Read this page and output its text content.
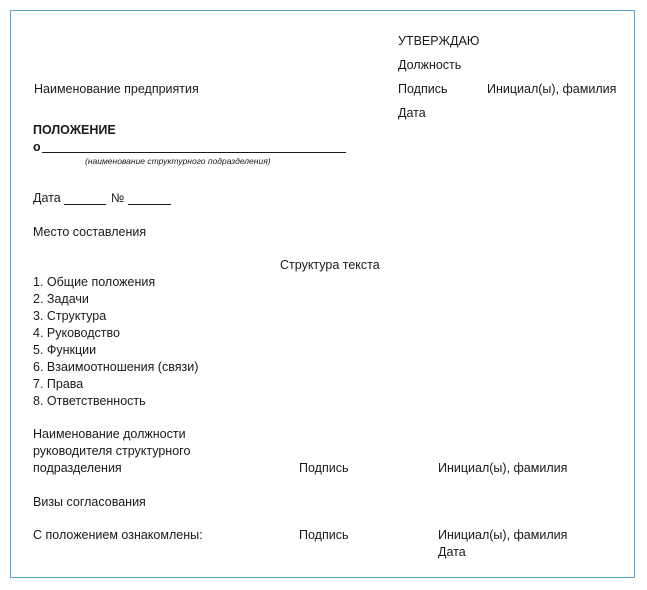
УТВЕРЖДАЮ
Должность
Подпись	Инициал(ы), фамилия
Дата
Наименование предприятия
ПОЛОЖЕНИЕ
о
(наименование структурного подразделения)
Дата	№
Место составления
Структура текста
1. Общие положения
2. Задачи
3. Структура
4. Руководство
5. Функции
6. Взаимоотношения (связи)
7. Права
8. Ответственность
Наименование должности
руководителя структурного
подразделения	Подпись	Инициал(ы), фамилия
Визы согласования
С положением ознакомлены:	Подпись	Инициал(ы), фамилия
Дата
